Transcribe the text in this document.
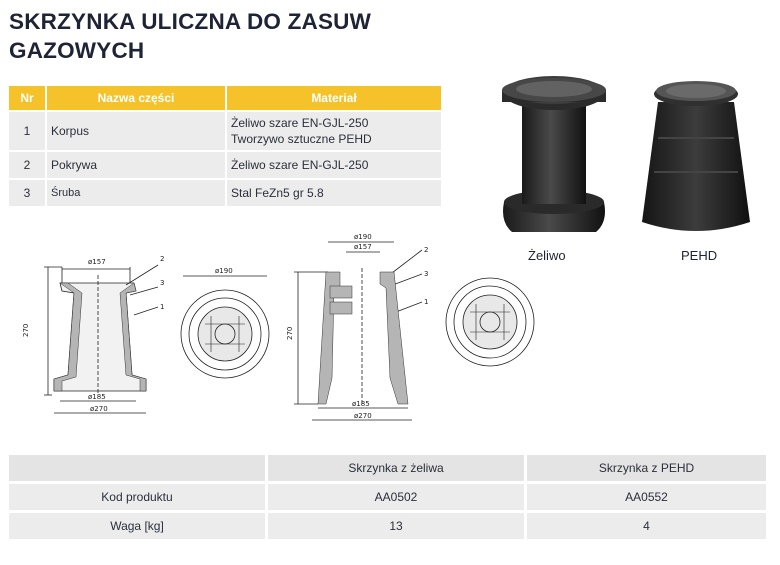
SKRZYNKA ULICZNA DO ZASUW GAZOWYCH
Nr	Nazwa części	Materiał
1	Korpus	Żeliwo szare EN-GJL-250
Tworzywo sztuczne PEHD

2	Pokrywa	Żeliwo szare EN-GJL-250
3	Śruba	Stal FeZn5 gr 5.8
Żeliwo	PEHD
ø157
270
ø185
ø270
2
3
1
ø190
ø190
ø157
270
ø185
ø270
2
3
1
	Skrzynka z żeliwa	Skrzynka z PEHD
Kod produktu	AA0502	AA0552
Waga [kg]	13	4
